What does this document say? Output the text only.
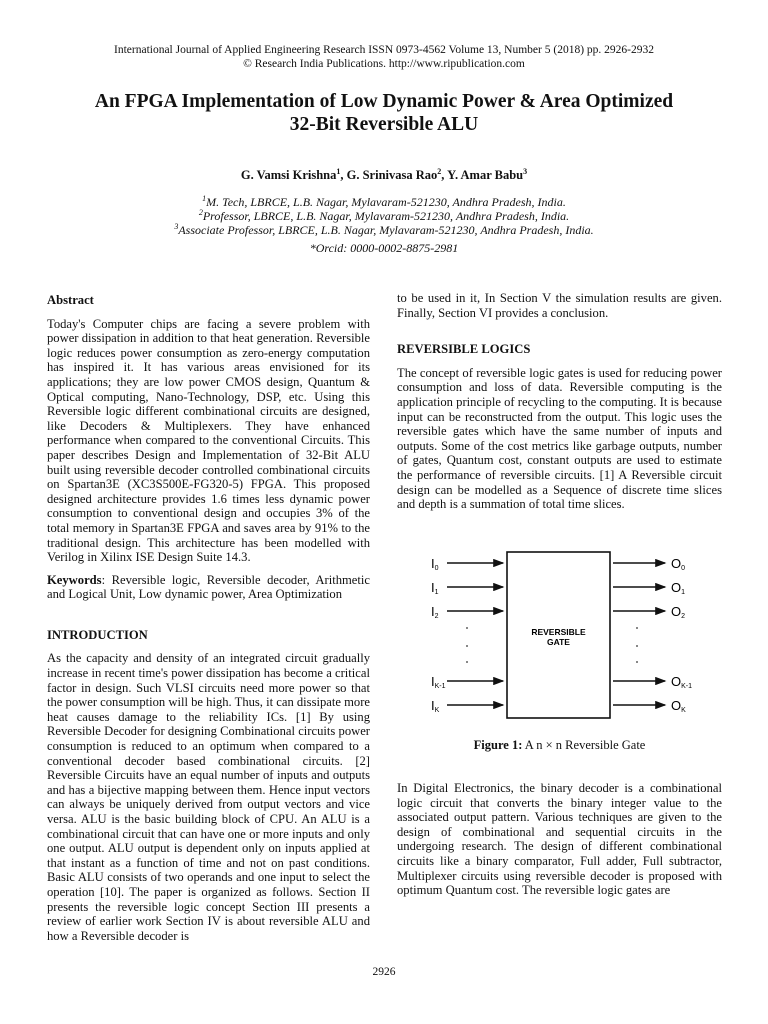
International Journal of Applied Engineering Research ISSN 0973-4562 Volume 13, Number 5 (2018) pp. 2926-2932
© Research India Publications. http://www.ripublication.com
An FPGA Implementation of Low Dynamic Power & Area Optimized
32-Bit Reversible ALU
G. Vamsi Krishna$^1$, G. Srinivasa Rao$^2$, Y. Amar Babu$^3$
$^1$M. Tech, LBRCE, L.B. Nagar, Mylavaram-521230, Andhra Pradesh, India.
$^2$Professor, LBRCE, L.B. Nagar, Mylavaram-521230, Andhra Pradesh, India.
$^3$Associate Professor, LBRCE, L.B. Nagar, Mylavaram-521230, Andhra Pradesh, India.
*Orcid: 0000-0002-8875-2981
Abstract

Today's Computer chips are facing a severe problem with power dissipation in addition to that heat generation. Reversible logic reduces power consumption as zero-energy computation has inspired it. It has various areas envisioned for its applications; they are low power CMOS design, Quantum & Optical computing, Nano-Technology, DSP, etc. Using this Reversible logic different combinational circuits are designed, like Decoders & Multiplexers. They have enhanced performance when compared to the conventional Circuits. This paper describes Design and Implementation of 32-Bit ALU built using reversible decoder controlled combinational circuits on Spartan3E (XC3S500E-FG320-5) FPGA. This proposed designed architecture provides 1.6 times less dynamic power consumption to conventional design and occupies 3% of the total memory in Spartan3E FPGA and saves area by 91% to the traditional design. This architecture has been modelled with Verilog in Xilinx ISE Design Suite 14.3.

Keywords: Reversible logic, Reversible decoder, Arithmetic and Logical Unit, Low dynamic power, Area Optimization

INTRODUCTION

As the capacity and density of an integrated circuit gradually increase in recent time's power dissipation has become a critical factor in design. Such VLSI circuits need more power so that the power consumption will be high. Thus, it can dissipate more heat causes damage to the reliability ICs. [1] By using Reversible Decoder for designing Combinational circuits power consumption is reduced to an optimum when compared to a conventional decoder based combinational circuits. [2] Reversible Circuits have an equal number of inputs and outputs and has a bijective mapping between them. Hence input vectors can always be uniquely derived from output vectors and vice versa. ALU is the basic building block of CPU. An ALU is a combinational circuit that can have one or more inputs and only one output. ALU output is dependent only on inputs applied at that instant as a function of time and not on past conditions. Basic ALU consists of two operands and one input to select the operation [10]. The paper is organized as follows. Section II presents the reversible logic concept Section III presents a review of earlier work Section IV is about reversible ALU and how a Reversible decoder is

to be used in it, In Section V the simulation results are given. Finally, Section VI provides a conclusion.

REVERSIBLE LOGICS

The concept of reversible logic gates is used for reducing power consumption and loss of data. Reversible computing is the application principle of recycling to the computing. It is because input can be reconstructed from the output. This logic uses the reversible gates which have the same number of inputs and outputs. Some of the cost metrics like garbage outputs, number of gates, Quantum cost, constant outputs are used to estimate the performance of reversible circuits. [1] A Reversible circuit design can be modelled as a Sequence of discrete time slices and depth is a summation of total time slices.

REVERSIBLE
GATE
I0	O0
I1	O1
I2	O2
IK-1	OK-1
IK	OK
Figure 1: A n × n Reversible Gate

In Digital Electronics, the binary decoder is a combinational logic circuit that converts the binary integer value to the associated output pattern. Various techniques are given to the design of combinational and sequential circuits in the undergoing research. The design of different combinational circuits like a binary comparator, Full adder, Full subtractor, Multiplexer circuits using reversible decoder is proposed with optimum Quantum cost. The reversible logic gates are

2926
